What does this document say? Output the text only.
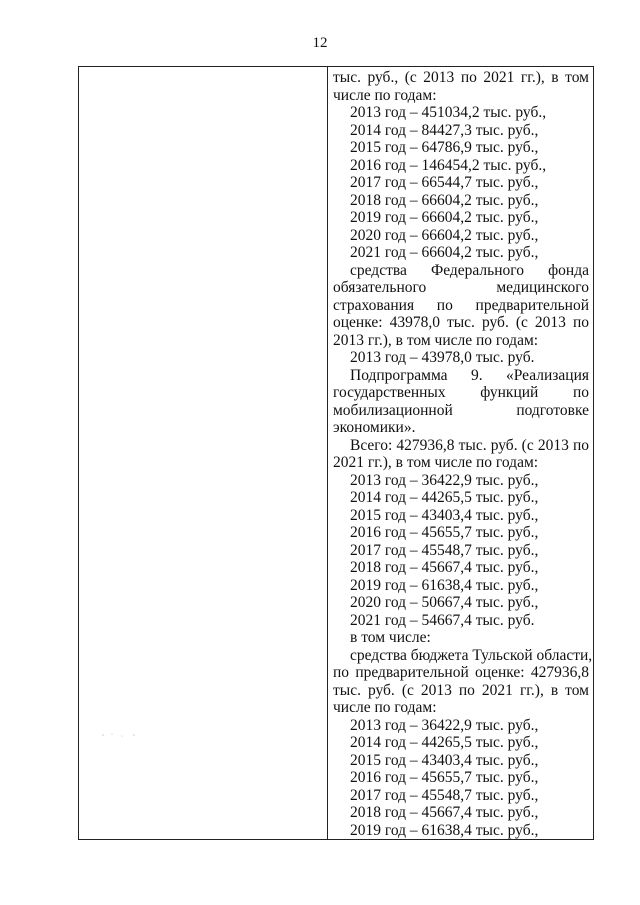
12

тыс. руб., (с 2013 по 2021 гг.), в том
числе по годам:
2013 год – 451034,2 тыс. руб.,
2014 год – 84427,3 тыс. руб.,
2015 год – 64786,9 тыс. руб.,
2016 год – 146454,2 тыс. руб.,
2017 год – 66544,7 тыс. руб.,
2018 год – 66604,2 тыс. руб.,
2019 год – 66604,2 тыс. руб.,
2020 год – 66604,2 тыс. руб.,
2021 год – 66604,2 тыс. руб.,
средства Федерального фонда
обязательного медицинского
страхования по предварительной
оценке: 43978,0 тыс. руб. (с 2013 по
2013 гг.), в том числе по годам:
2013 год – 43978,0 тыс. руб.
Подпрограмма 9. «Реализация
государственных функций по
мобилизационной подготовке
экономики».
Всего: 427936,8 тыс. руб. (с 2013 по
2021 гг.), в том числе по годам:
2013 год – 36422,9 тыс. руб.,
2014 год – 44265,5 тыс. руб.,
2015 год – 43403,4 тыс. руб.,
2016 год – 45655,7 тыс. руб.,
2017 год – 45548,7 тыс. руб.,
2018 год – 45667,4 тыс. руб.,
2019 год – 61638,4 тыс. руб.,
2020 год – 50667,4 тыс. руб.,
2021 год – 54667,4 тыс. руб.
в том числе:
средства бюджета Тульской области,
по предварительной оценке: 427936,8
тыс. руб. (с 2013 по 2021 гг.), в том
числе по годам:
2013 год – 36422,9 тыс. руб.,
2014 год – 44265,5 тыс. руб.,
2015 год – 43403,4 тыс. руб.,
2016 год – 45655,7 тыс. руб.,
2017 год – 45548,7 тыс. руб.,
2018 год – 45667,4 тыс. руб.,
2019 год – 61638,4 тыс. руб.,
